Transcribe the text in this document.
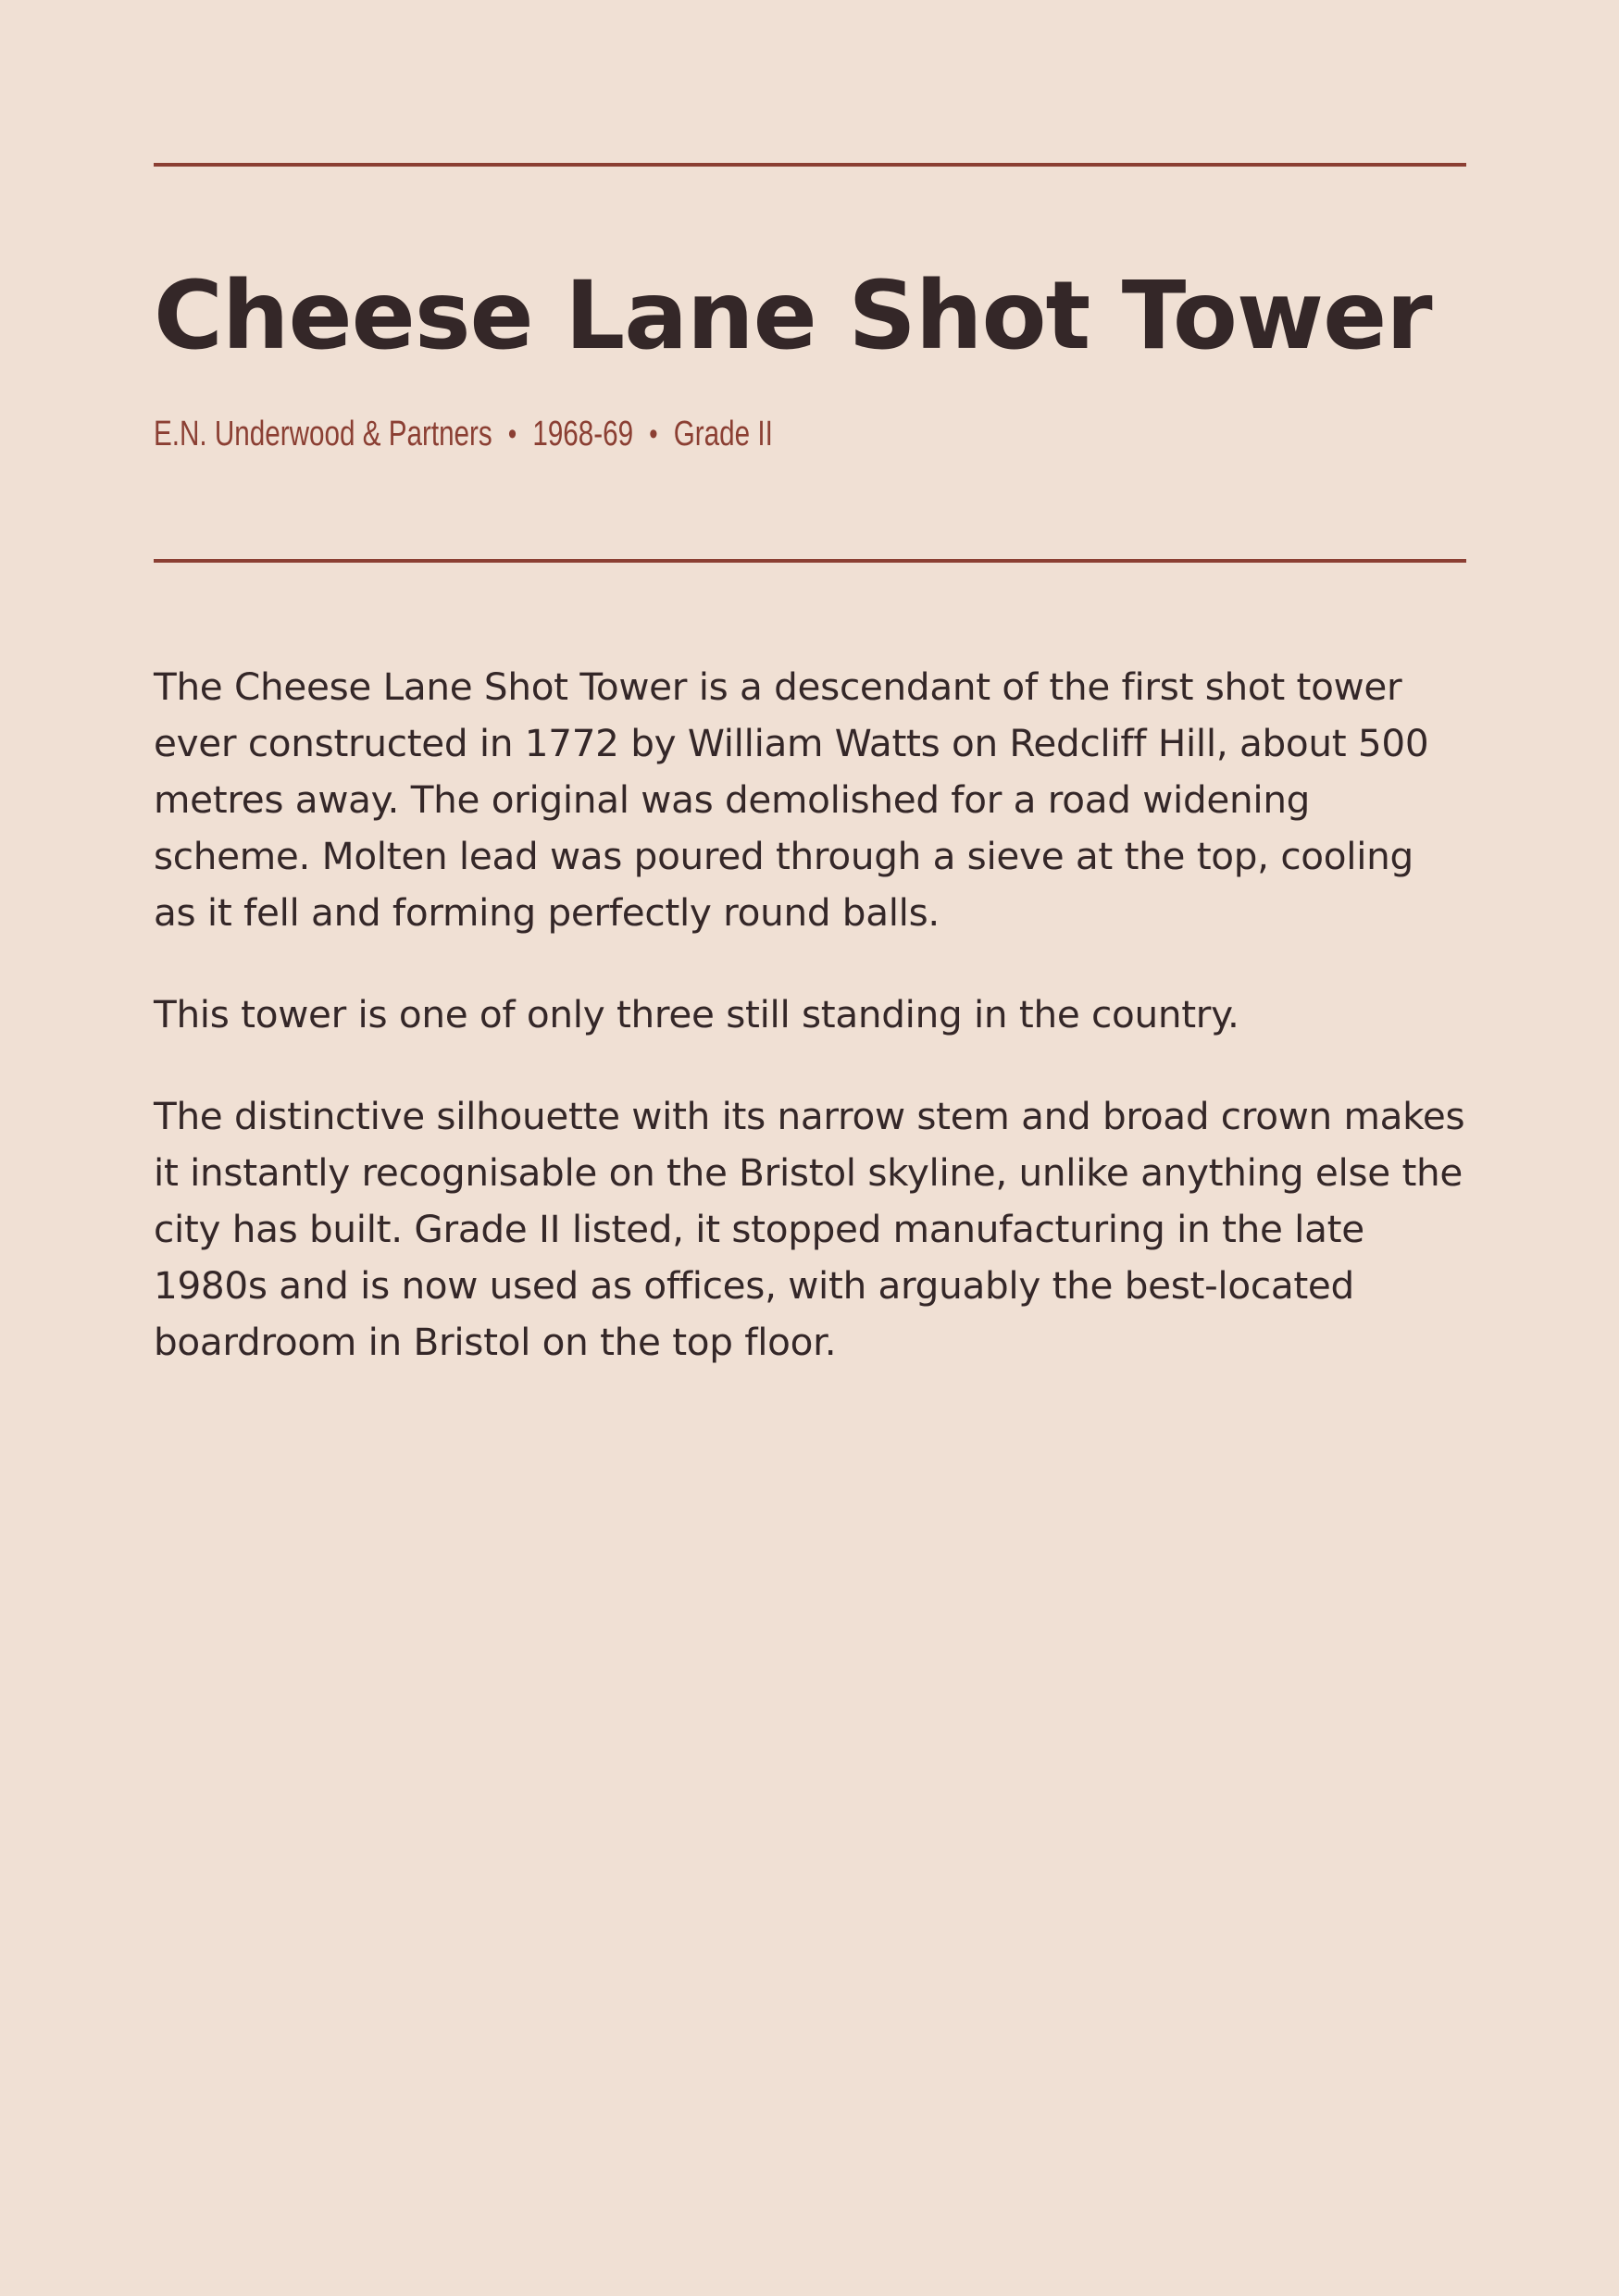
Cheese Lane Shot Tower
E.N. Underwood & Partners • 1968-69 • Grade II

The Cheese Lane Shot Tower is a descendant of the first shot tower ever constructed in 1772 by William Watts on Redcliff Hill, about 500 metres away. The original was demolished for a road widening scheme. Molten lead was poured through a sieve at the top, cooling as it fell and forming perfectly round balls.

This tower is one of only three still standing in the country.

The distinctive silhouette with its narrow stem and broad crown makes it instantly recognisable on the Bristol skyline, unlike anything else the city has built. Grade II listed, it stopped manufacturing in the late 1980s and is now used as offices, with arguably the best-located boardroom in Bristol on the top floor.
